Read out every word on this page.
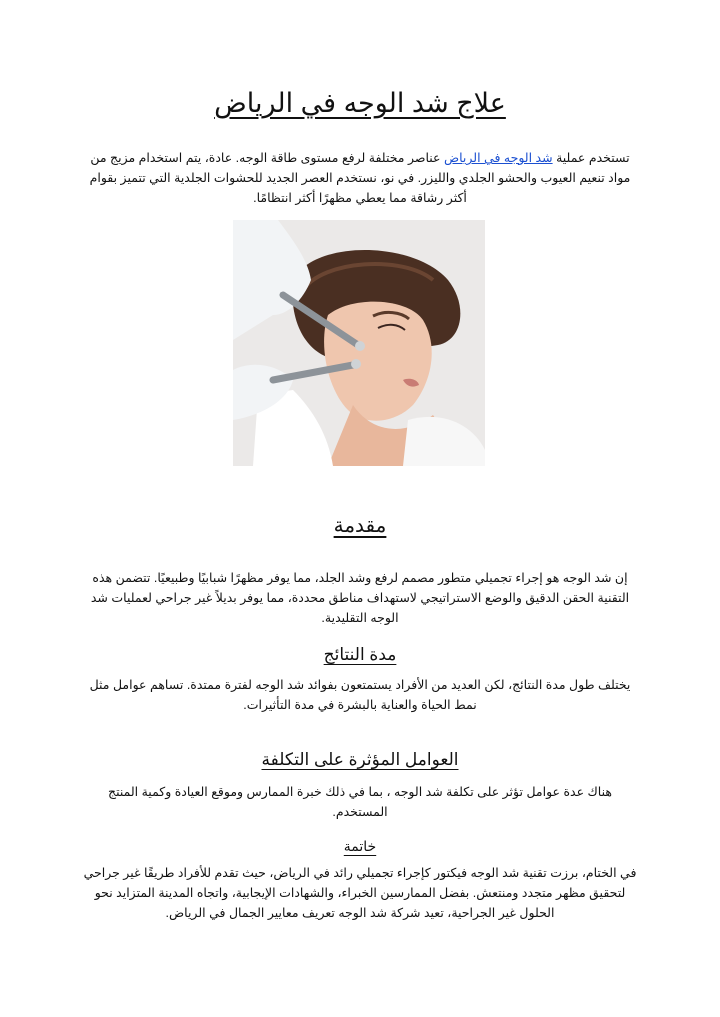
علاج شد الوجه في الرياض

تستخدم عملية شد الوجه في الرياض عناصر مختلفة لرفع مستوى طاقة الوجه. عادة، يتم استخدام مزيج من مواد تنعيم العيوب والحشو الجلدي والليزر. في نو، نستخدم العصر الجديد للحشوات الجلدية التي تتميز بقوام أكثر رشاقة مما يعطي مظهرًا أكثر انتظامًا.

مقدمة

إن شد الوجه هو إجراء تجميلي متطور مصمم لرفع وشد الجلد، مما يوفر مظهرًا شبابيًا وطبيعيًا. تتضمن هذه التقنية الحقن الدقيق والوضع الاستراتيجي لاستهداف مناطق محددة، مما يوفر بديلاً غير جراحي لعمليات شد الوجه التقليدية.

مدة النتائج

يختلف طول مدة النتائج، لكن العديد من الأفراد يستمتعون بفوائد شد الوجه لفترة ممتدة. تساهم عوامل مثل نمط الحياة والعناية بالبشرة في مدة التأثيرات.

العوامل المؤثرة على التكلفة

هناك عدة عوامل تؤثر على تكلفة شد الوجه ، بما في ذلك خبرة الممارس وموقع العيادة وكمية المنتج المستخدم.

خاتمة

في الختام، برزت تقنية شد الوجه فيكتور كإجراء تجميلي رائد في الرياض، حيث تقدم للأفراد طريقًا غير جراحي لتحقيق مظهر متجدد ومنتعش. بفضل الممارسين الخبراء، والشهادات الإيجابية، واتجاه المدينة المتزايد نحو الحلول غير الجراحية، تعيد شركة شد الوجه تعريف معايير الجمال في الرياض.
